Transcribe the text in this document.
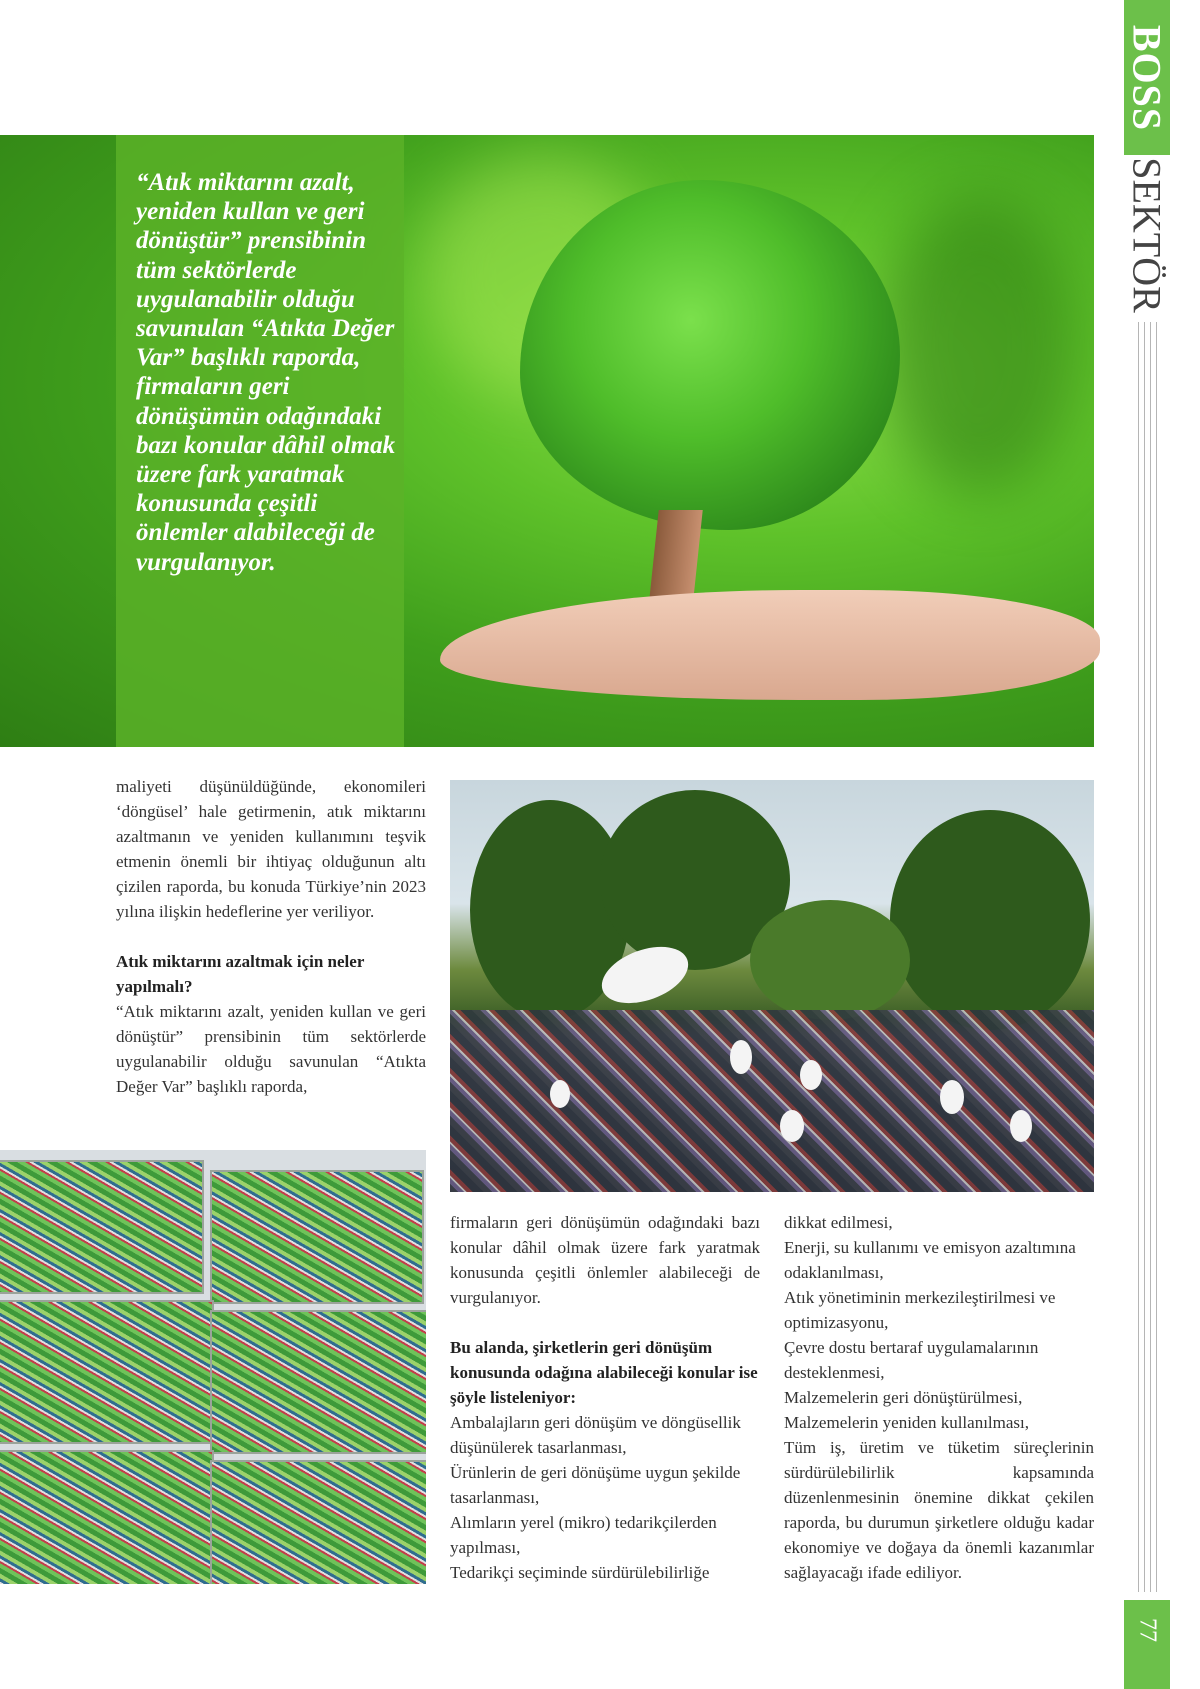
BOSS
SEKTÖR
77
“Atık miktarını azalt, yeniden kullan ve geri dönüştür” prensibinin tüm sektörlerde uygulanabilir olduğu savunulan “Atıkta Değer Var” başlıklı raporda, firmaların geri dönüşümün odağındaki bazı konular dâhil olmak üzere fark yaratmak konusunda çeşitli önlemler alabileceği de vurgulanıyor.

maliyeti düşünüldüğünde, ekonomileri ‘döngüsel’ hale getirmenin, atık miktarını azaltmanın ve yeniden kullanımını teşvik etmenin önemli bir ihtiyaç olduğunun altı çizilen raporda, bu konuda Türkiye’nin 2023 yılına ilişkin hedeflerine yer veriliyor.

Atık miktarını azaltmak için neler yapılmalı?

“Atık miktarını azalt, yeniden kullan ve geri dönüştür” prensibinin tüm sektörlerde uygulanabilir olduğu savunulan “Atıkta Değer Var” başlıklı raporda,

firmaların geri dönüşümün odağındaki bazı konular dâhil olmak üzere fark yaratmak konusunda çeşitli önlemler alabileceği de vurgulanıyor.

Bu alanda, şirketlerin geri dönüşüm konusunda odağına alabileceği konular ise şöyle listeleniyor:

Ambalajların geri dönüşüm ve döngüsellik düşünülerek tasarlanması,

Ürünlerin de geri dönüşüme uygun şekilde tasarlanması,

Alımların yerel (mikro) tedarikçilerden yapılması,

Tedarikçi seçiminde sürdürülebilirliğe

dikkat edilmesi,

Enerji, su kullanımı ve emisyon azaltımına odaklanılması,

Atık yönetiminin merkezileştirilmesi ve optimizasyonu,

Çevre dostu bertaraf uygulamalarının desteklenmesi,

Malzemelerin geri dönüştürülmesi,

Malzemelerin yeniden kullanılması,

Tüm iş, üretim ve tüketim süreçlerinin sürdürülebilirlik kapsamında düzenlenmesinin önemine dikkat çekilen raporda, bu durumun şirketlere olduğu kadar ekonomiye ve doğaya da önemli kazanımlar sağlayacağı ifade ediliyor.
